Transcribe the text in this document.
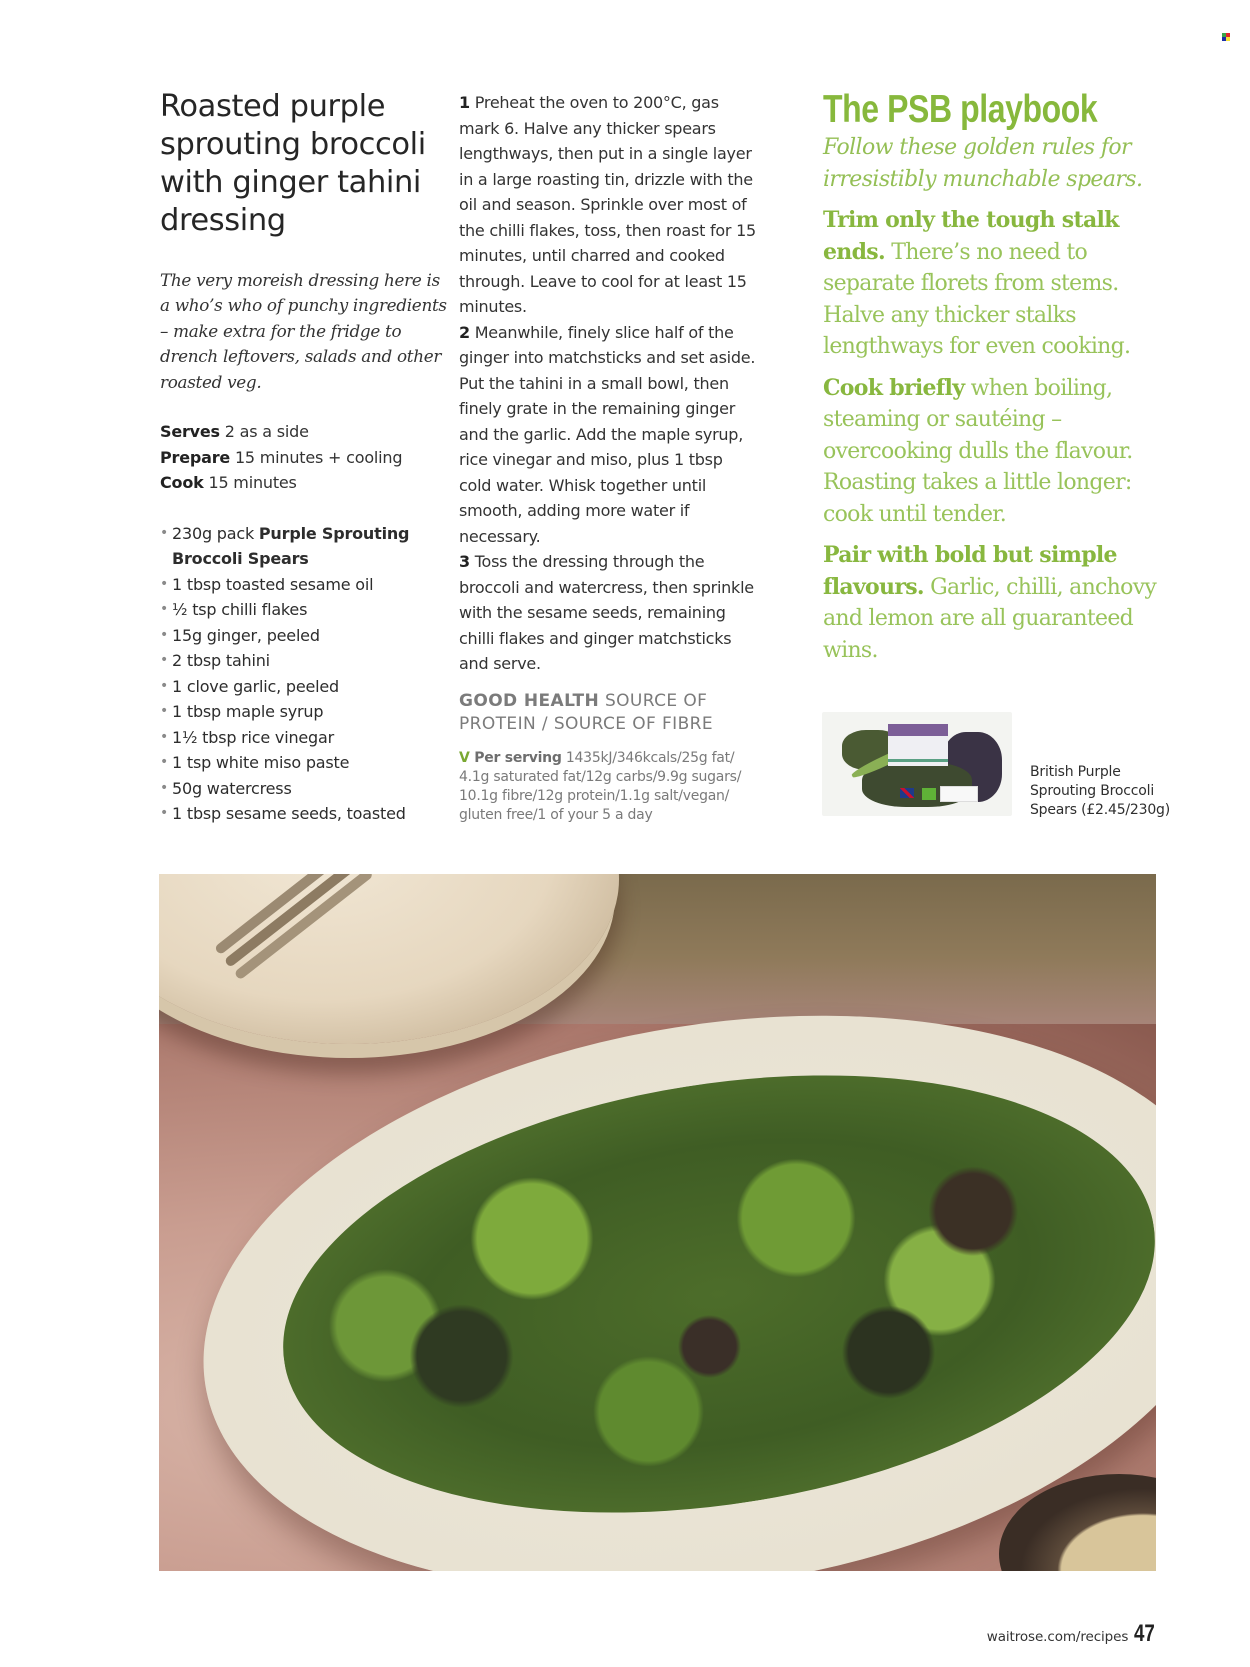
Roasted purple sprouting broccoli with ginger tahini dressing

The very moreish dressing here is a who’s who of punchy ingredients – make extra for the fridge to drench leftovers, salads and other roasted veg.

Serves 2 as a side
Prepare 15 minutes + cooling
Cook 15 minutes
• 230g pack Purple Sprouting Broccoli Spears
• 1 tbsp toasted sesame oil
• ½ tsp chilli flakes
• 15g ginger, peeled
• 2 tbsp tahini
• 1 clove garlic, peeled
• 1 tbsp maple syrup
• 1½ tbsp rice vinegar
• 1 tsp white miso paste
• 50g watercress
• 1 tbsp sesame seeds, toasted

1 Preheat the oven to 200°C, gas mark 6. Halve any thicker spears lengthways, then put in a single layer in a large roasting tin, drizzle with the oil and season. Sprinkle over most of the chilli flakes, toss, then roast for 15 minutes, until charred and cooked through. Leave to cool for at least 15 minutes.

2 Meanwhile, finely slice half of the ginger into matchsticks and set aside. Put the tahini in a small bowl, then finely grate in the remaining ginger and the garlic. Add the maple syrup, rice vinegar and miso, plus 1 tbsp cold water. Whisk together until smooth, adding more water if necessary.

3 Toss the dressing through the broccoli and watercress, then sprinkle with the sesame seeds, remaining chilli flakes and ginger matchsticks and serve.

GOOD HEALTH SOURCE OF PROTEIN / SOURCE OF FIBRE

V Per serving 1435kJ/346kcals/25g fat/ 4.1g saturated fat/12g carbs/9.9g sugars/ 10.1g fibre/12g protein/1.1g salt/vegan/ gluten free/1 of your 5 a day

The PSB playbook

Follow these golden rules for irresistibly munchable spears.

Trim only the tough stalk ends. There’s no need to separate florets from stems. Halve any thicker stalks lengthways for even cooking.

Cook briefly when boiling, steaming or sautéing – overcooking dulls the flavour. Roasting takes a little longer: cook until tender.

Pair with bold but simple flavours. Garlic, chilli, anchovy and lemon are all guaranteed wins.

British Purple Sprouting Broccoli Spears (£2.45/230g)

waitrose.com/recipes 47
